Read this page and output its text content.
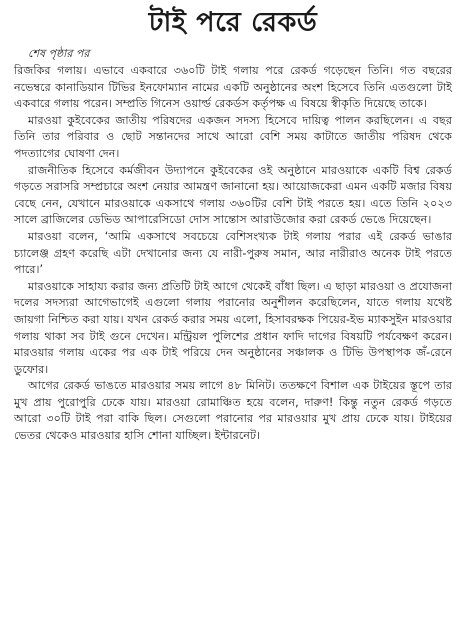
টাই পরে রেকর্ড
শেষ পৃষ্ঠার পর

রিজকির গলায়। এভাবে একবারে ৩৬০টি টাই গলায় পরে রেকর্ড গড়েছেন তিনি। গত বছরের নভেম্বরে কানাডিয়ান টিভির ইনফোম্যান নামের একটি অনুষ্ঠানের অংশ হিসেবে তিনি এতগুলো টাই একবারে গলায় পরেন। সম্প্রতি গিনেস ওয়ার্ল্ড রেকর্ডস কর্তৃপক্ষ এ বিষয়ে স্বীকৃতি দিয়েছে তাকে।

মারওয়া কুইবেকের জাতীয় পরিষদের একজন সদস্য হিসেবে দায়িত্ব পালন করছিলেন। এ বছর তিনি তার পরিবার ও ছোট সন্তানদের সাথে আরো বেশি সময় কাটাতে জাতীয় পরিষদ থেকে পদত্যাগের ঘোষণা দেন।

রাজনীতিক হিসেবে কর্মজীবন উদ্যাপনে কুইবেকের ওই অনুষ্ঠানে মারওয়াকে একটি বিশ্ব রেকর্ড গড়তে সরাসরি সম্প্রচারে অংশ নেয়ার আমন্ত্রণ জানানো হয়। আয়োজকেরা এমন একটি মজার বিষয় বেছে নেন, যেখানে মারওয়াকে একসাথে গলায় ৩৬০টির বেশি টাই পরতে হয়। এতে তিনি ২০২৩ সালে ব্রাজিলের ডেভিড আপারেসিডো দোস সান্তোস আরাউজোর করা রেকর্ড ভেঙে দিয়েছেন।

মারওয়া বলেন, ‘আমি একসাথে সবচেয়ে বেশিসংখ্যক টাই গলায় পরার এই রেকর্ড ভাঙার চ্যালেঞ্জ গ্রহণ করেছি এটা দেখানোর জন্য যে নারী-পুরুষ সমান, আর নারীরাও অনেক টাই পরতে পারে।’

মারওয়াকে সাহায্য করার জন্য প্রতিটি টাই আগে থেকেই বাঁধা ছিল। এ ছাড়া মারওয়া ও প্রযোজনা দলের সদস্যরা আগেভাগেই এগুলো গলায় পরানোর অনুশীলন করেছিলেন, যাতে গলায় যথেষ্ট জায়গা নিশ্চিত করা যায়। যখন রেকর্ড করার সময় এলো, হিসাবরক্ষক পিয়ের-ইভ ম্যাকসুইন মারওয়ার গলায় থাকা সব টাই গুনে দেখেন। মন্ট্রিয়ল পুলিশের প্রধান ফাদি দাগের বিষয়টি পর্যবেক্ষণ করেন। মারওয়ার গলায় একের পর এক টাই পরিয়ে দেন অনুষ্ঠানের সঞ্চালক ও টিভি উপস্থাপক জঁ-রেনে ডুফোর।

আগের রেকর্ড ভাঙতে মারওয়ার সময় লাগে ৪৮ মিনিট। ততক্ষণে বিশাল এক টাইয়ের স্তূপে তার মুখ প্রায় পুরোপুরি ঢেকে যায়। মারওয়া রোমাঞ্চিত হয়ে বলেন, দারুণ! কিন্তু নতুন রেকর্ড গড়তে আরো ৩০টি টাই পরা বাকি ছিল। সেগুলো পরানোর পর মারওয়ার মুখ প্রায় ঢেকে যায়। টাইয়ের ভেতর থেকেও মারওয়ার হাসি শোনা যাচ্ছিল। ইন্টারনেট।
